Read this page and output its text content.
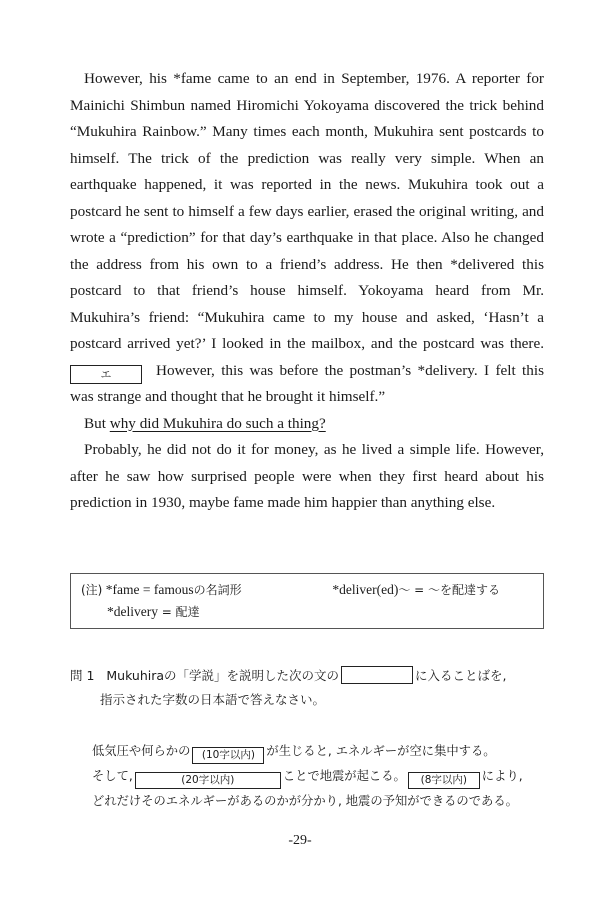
However, his *fame came to an end in September, 1976. A reporter for Mainichi Shimbun named Hiromichi Yokoyama discovered the trick behind “Mukuhira Rainbow.” Many times each month, Mukuhira sent postcards to himself. The trick of the prediction was really very simple. When an earthquake happened, it was reported in the news. Mukuhira took out a postcard he sent to himself a few days earlier, erased the original writing, and wrote a “prediction” for that day’s earthquake in that place. Also he changed the address from his own to a friend’s address. He then *delivered this postcard to that friend’s house himself. Yokoyama heard from Mr. Mukuhira’s friend: “Mukuhira came to my house and asked, ‘Hasn’t a postcard arrived yet?’ I looked in the mailbox, and the postcard was there. エ	However, this was before the postman’s *delivery. I felt this was strange and thought that he brought it himself.”

But why did Mukuhira do such a thing?

Probably, he did not do it for money, as he lived a simple life. However, after he saw how surprised people were when they first heard about his prediction in 1930, maybe fame made him happier than anything else.

(注) *fame = famousの名詞形	*deliver(ed)〜 = 〜を配達する
*delivery = 配達
問 1 Mukuhiraの「学説」を説明した次の文の	に入ることばを,
指示された字数の日本語で答えなさい。
低気圧や何らかの (10字以内) が生じると, エネルギーが空に集中する。
そして,	(20字以内)	ことで地震が起こる。 (8字以内) により,
どれだけそのエネルギーがあるのかが分かり, 地震の予知ができるのである。
-29-
